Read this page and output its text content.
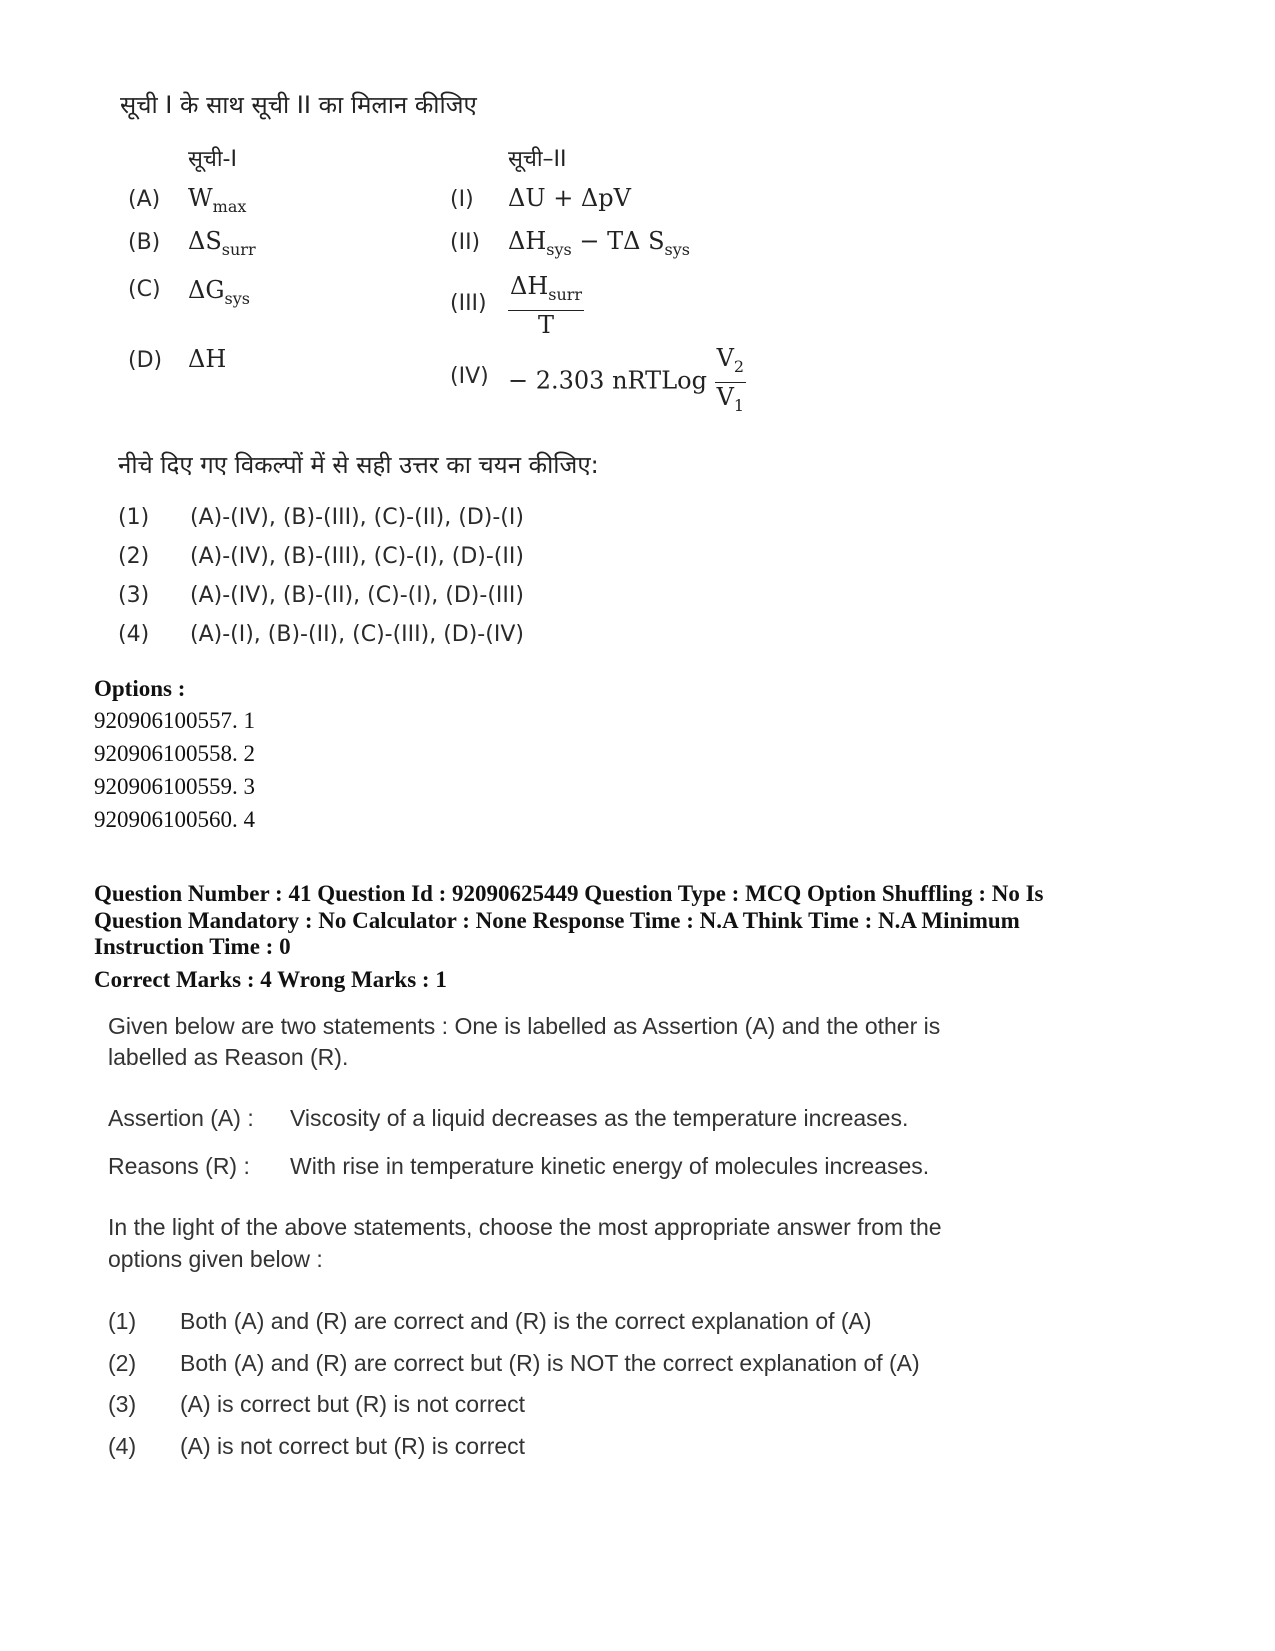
सूची I के साथ सूची II का मिलान कीजिए
सूची-I	सूची–II
(A) $W_{max}$
(B) $\Delta S_{surr}$
(C) $\Delta G_{sys}$
(D) ΔH
(I) ΔU + ΔpV
(II) $\Delta H_{sys} - T\Delta$ $S_{sys}$
$(III) \frac{\Delta H_{surr}}{T}$
(IV) − 2.303 nRTLog $\frac{V_2}{V_1}$
नीचे दिए गए विकल्पों में से सही उत्तर का चयन कीजिए:
(1) (A)-(IV), (B)-(III), (C)-(II), (D)-(I)
(2) (A)-(IV), (B)-(III), (C)-(I), (D)-(II)
(3) (A)-(IV), (B)-(II), (C)-(I), (D)-(III)
(4) (A)-(I), (B)-(II), (C)-(III), (D)-(IV)
Options :
920906100557. 1
920906100558. 2
920906100559. 3
920906100560. 4
Question Number : 41 Question Id : 92090625449 Question Type : MCQ Option Shuffling : No Is
Question Mandatory : No Calculator : None Response Time : N.A Think Time : N.A Minimum
Instruction Time : 0
Correct Marks : 4 Wrong Marks : 1
Given below are two statements : One is labelled as Assertion (A) and the other is
labelled as Reason (R).
Assertion (A) : Viscosity of a liquid decreases as the temperature increases.
Reasons (R) : With rise in temperature kinetic energy of molecules increases.
In the light of the above statements, choose the most appropriate answer from the
options given below :
(1) Both (A) and (R) are correct and (R) is the correct explanation of (A)
(2) Both (A) and (R) are correct but (R) is NOT the correct explanation of (A)
(3) (A) is correct but (R) is not correct
(4) (A) is not correct but (R) is correct
